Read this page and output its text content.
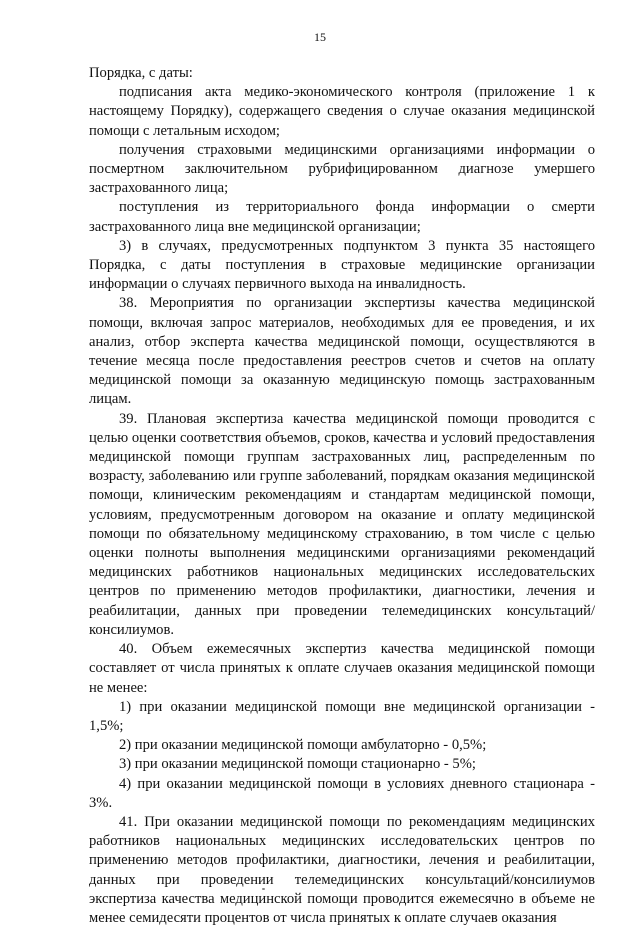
15

Порядка, с даты:

подписания акта медико-экономического контроля (приложение 1 к настоящему Порядку), содержащего сведения о случае оказания медицинской помощи с летальным исходом;

получения страховыми медицинскими организациями информации о посмертном заключительном рубрифицированном диагнозе умершего застрахованного лица;

поступления из территориального фонда информации о смерти застрахованного лица вне медицинской организации;

3) в случаях, предусмотренных подпунктом 3 пункта 35 настоящего Порядка, с даты поступления в страховые медицинские организации информации о случаях первичного выхода на инвалидность.

38. Мероприятия по организации экспертизы качества медицинской помощи, включая запрос материалов, необходимых для ее проведения, и их анализ, отбор эксперта качества медицинской помощи, осуществляются в течение месяца после предоставления реестров счетов и счетов на оплату медицинской помощи за оказанную медицинскую помощь застрахованным лицам.

39. Плановая экспертиза качества медицинской помощи проводится с целью оценки соответствия объемов, сроков, качества и условий предоставления медицинской помощи группам застрахованных лиц, распределенным по возрасту, заболеванию или группе заболеваний, порядкам оказания медицинской помощи, клиническим рекомендациям и стандартам медицинской помощи, условиям, предусмотренным договором на оказание и оплату медицинской помощи по обязательному медицинскому страхованию, в том числе с целью оценки полноты выполнения медицинскими организациями рекомендаций медицинских работников национальных медицинских исследовательских центров по применению методов профилактики, диагностики, лечения и реабилитации, данных при проведении телемедицинских консультаций/консилиумов.

40. Объем ежемесячных экспертиз качества медицинской помощи составляет от числа принятых к оплате случаев оказания медицинской помощи не менее:

1) при оказании медицинской помощи вне медицинской организации - 1,5%;

2) при оказании медицинской помощи амбулаторно - 0,5%;

3) при оказании медицинской помощи стационарно - 5%;

4) при оказании медицинской помощи в условиях дневного стационара - 3%.

41. При оказании медицинской помощи по рекомендациям медицинских работников национальных медицинских исследовательских центров по применению методов профилактики, диагностики, лечения и реабилитации, данных при проведении телемедицинских консультаций/консилиумов экспертиза качества медицинской помощи проводится ежемесячно в объеме не менее семидесяти процентов от числа принятых к оплате случаев оказания
